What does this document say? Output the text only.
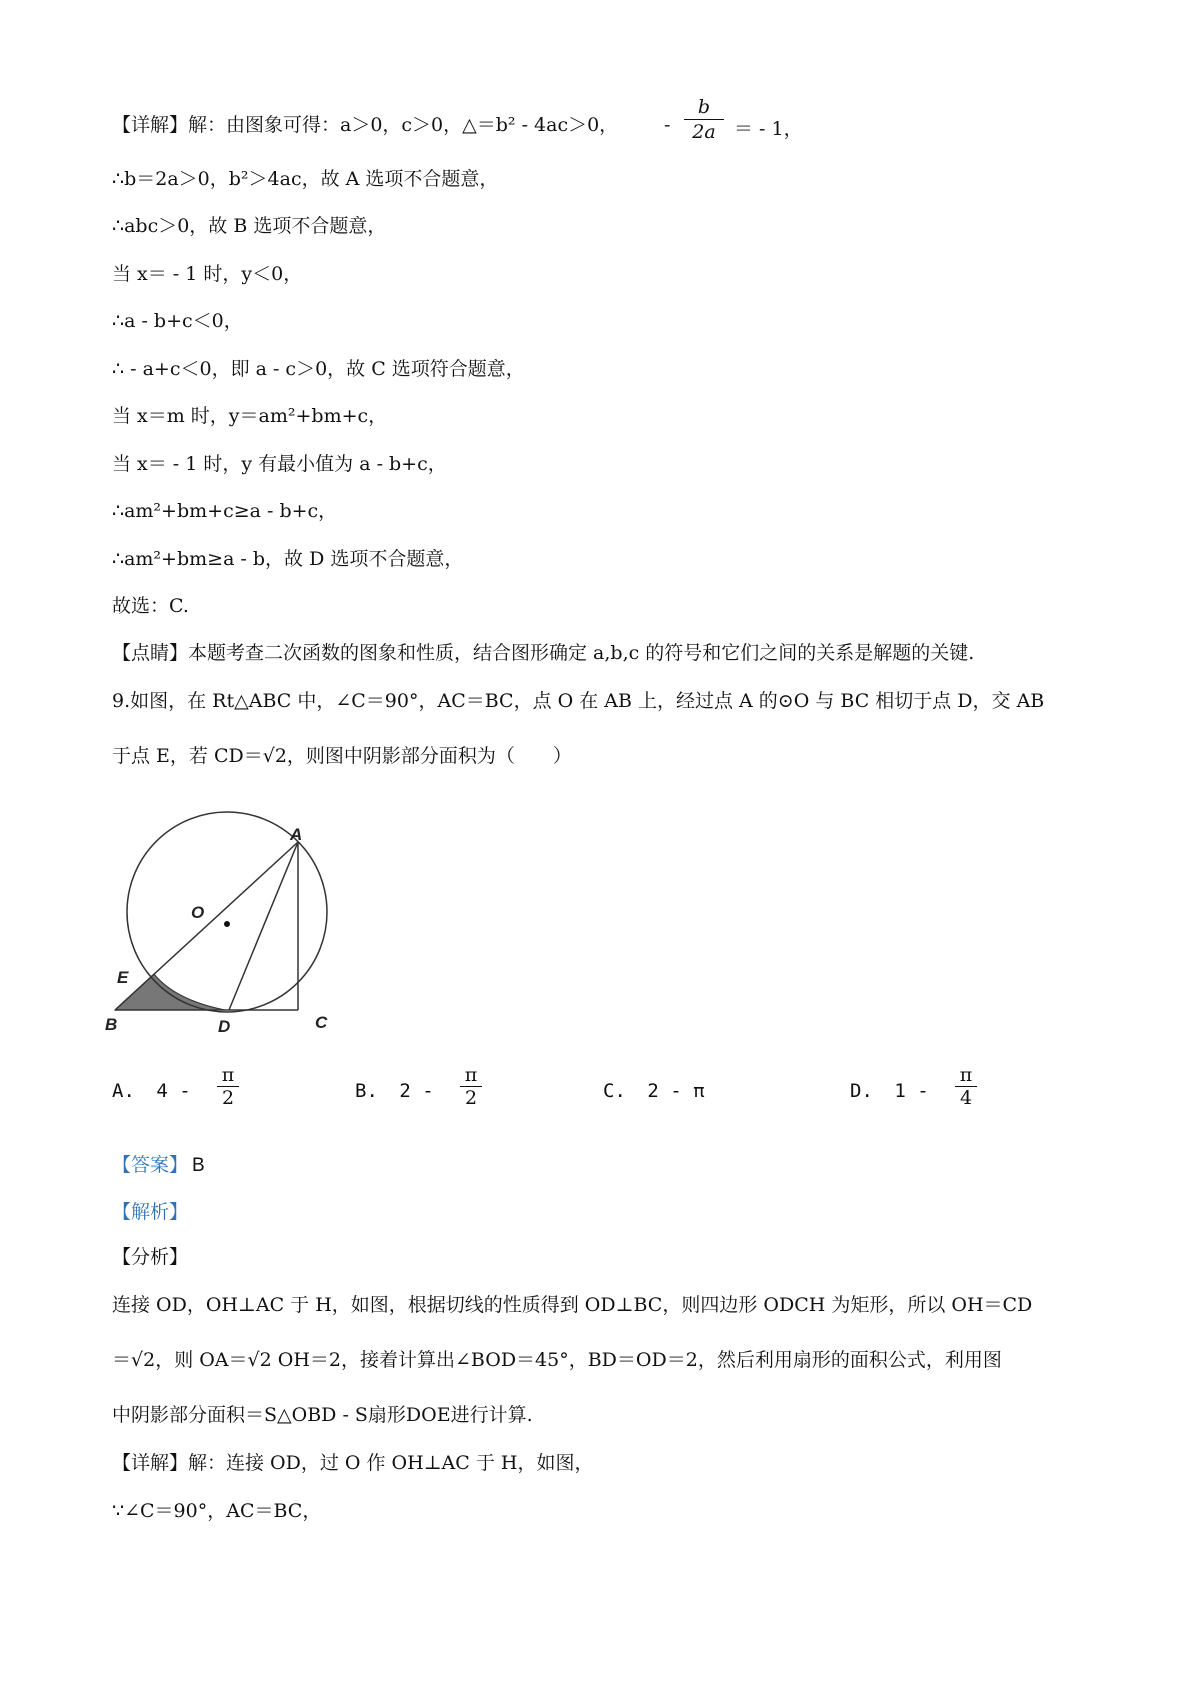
【详解】解：由图象可得：a＞0，c＞0，△＝b² - 4ac＞0， -
b
2a ＝ - 1，
∴b＝2a＞0，b²＞4ac，故 A 选项不合题意，
∴abc＞0，故 B 选项不合题意，
当 x＝ - 1 时，y＜0，
∴a - b+c＜0，
∴ - a+c＜0，即 a - c＞0，故 C 选项符合题意，
当 x＝m 时，y＝am²+bm+c，
当 x＝ - 1 时，y 有最小值为 a - b+c，
∴am²+bm+c≥a - b+c，
∴am²+bm≥a - b，故 D 选项不合题意，
故选：C.
【点睛】本题考查二次函数的图象和性质，结合图形确定 a,b,c 的符号和它们之间的关系是解题的关键.
9.如图，在 Rt△ABC 中，∠C＝90°，AC＝BC，点 O 在 AB 上，经过点 A 的⊙O 与 BC 相切于点 D，交 AB
于点 E，若 CD＝√2，则图中阴影部分面积为（　　）
A
O
E
B	D	C
A. 4 -
π
2	B. 2 -
π
2	C. 2 - π	D. 1 -
π
4
【答案】 B
【解析】
【分析】
连接 OD，OH⊥AC 于 H，如图，根据切线的性质得到 OD⊥BC，则四边形 ODCH 为矩形，所以 OH＝CD
＝√2，则 OA＝√2 OH＝2，接着计算出∠BOD＝45°，BD＝OD＝2，然后利用扇形的面积公式，利用图
中阴影部分面积＝S△OBD - S扇形DOE进行计算.
【详解】解：连接 OD，过 O 作 OH⊥AC 于 H，如图，
∵∠C＝90°，AC＝BC，
